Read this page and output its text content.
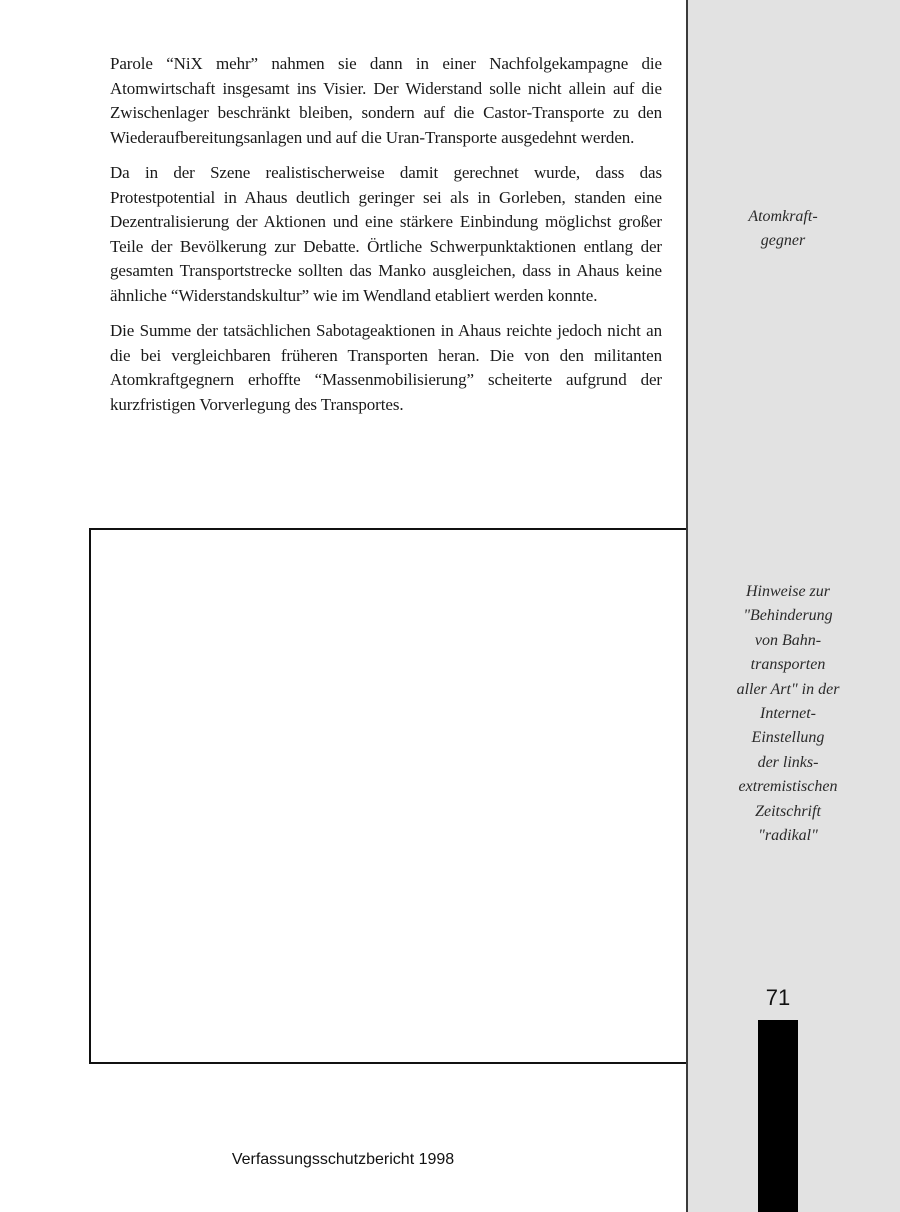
Parole “NiX mehr” nahmen sie dann in einer Nachfolgekampagne die Atomwirtschaft insgesamt ins Visier. Der Widerstand solle nicht allein auf die Zwischenlager beschränkt bleiben, sondern auf die Castor-Transporte zu den Wiederaufbereitungsanlagen und auf die Uran-Transporte ausgedehnt werden.

Da in der Szene realistischerweise damit gerechnet wurde, dass das Protestpotential in Ahaus deutlich geringer sei als in Gorleben, standen eine Dezentralisierung der Aktionen und eine stärkere Einbindung möglichst großer Teile der Bevölkerung zur Debatte. Örtliche Schwerpunktaktionen entlang der gesamten Transportstrecke sollten das Manko ausgleichen, dass in Ahaus keine ähnliche “Widerstandskultur” wie im Wendland etabliert werden konnte.

Die Summe der tatsächlichen Sabotageaktionen in Ahaus reichte jedoch nicht an die bei vergleichbaren früheren Transporten heran. Die von den militanten Atomkraftgegnern erhoffte “Massenmobilisierung” scheiterte aufgrund der kurzfristigen Vorverlegung des Transportes.

Atomkraft-
gegner
Hinweise zur
"Behinderung
von Bahn-
transporten
aller Art" in der
Internet-
Einstellung
der links-
extremistischen
Zeitschrift
"radikal"
71
Verfassungsschutzbericht 1998
